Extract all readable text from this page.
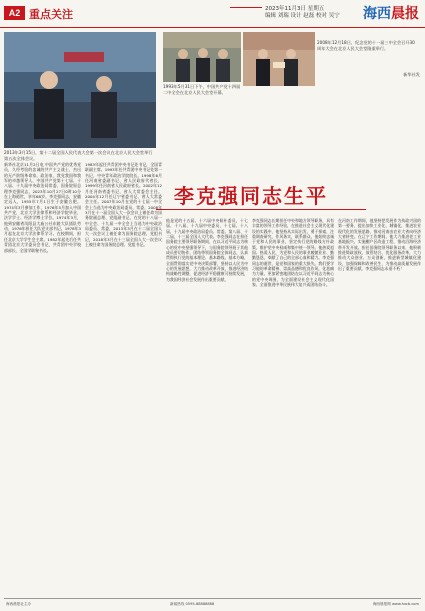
A2 重点关注	2023年11月3日 星期五
编辑 刘瑞 设计 赵磊 校对 吴宁 海西晨报
1993年5月31日下午，中国共产党十四届二中全会在北京人民大会堂开幕。
2008年12月18日，纪念党的十一届三中全会召开30周年大会在北京人民大会堂隆重举行。
新华社发
2013年3月15日，第十二届全国人民代表大会第一次会议在北京人民大会堂举行第五次全体会议。
李克强同志生平
新华社北京11月2日电 中国共产党的优秀党员，久经考验的忠诚的共产主义战士，杰出的无产阶级革命家、政治家，我党我国和我军的卓越领导人，中国共产党第十七届、十八届、十九届中央政治局常委，国务院原总理李克强同志，2023年10月27日0时10分在上海逝世，享年68岁。李克强同志，安徽定远人，1955年7月1日生于安徽合肥。1974年3月参加工作，1976年5月加入中国共产党，北京大学法律系和经济学院毕业，法学学士、经济学博士学位。1974年3月，他到安徽省凤阳县大庙公社东陵大队插队劳动，1976年担任大队党支部书记。1978年3月起在北京大学法律系学习。在校期间，担任北京大学学生会主席。1982年起先后任共青团北京大学委员会书记，共青团中央学校部部长、全国学联秘书长。
1983年起任共青团中央书记处书记，全国青联副主席。1993年任共青团中央书记处第一书记，中央青年政治学院院长。1998年6月任河南省委副书记、省人民政府代省长，1999年任河南省人民政府省长。2002年12月任河南省委书记、省人大常委会主任。2004年12月任辽宁省委书记、省人大常委会主任。2007年10月在党的十七届一中全会上当选为中央政治局委员、常委，2008年3月在十一届全国人大一次会议上被任命为国务院副总理、党组副书记。在党的十八届一中全会、十九届一中全会上当选为中央政治局委员、常委，2013年3月在十二届全国人大一次会议上被任命为国务院总理、党组书记，2018年3月在十三届全国人大一次会议上被任命为国务院总理、党组书记。
他是党的十五届、十六届中央候补委员，十七届、十八届、十九届中央委员，十七届、十八届、十九届中央政治局委员、常委。第八届、十二届、十三届全国人大代表。李克强同志在担任国务院主要领导职务期间，在以习近平同志为核心的党中央坚强领导下，与国务院领导班子其他成员密切协作，团结带领国务院全体同志，认真贯彻执行党的基本理论、基本路线、基本方略，全面贯彻落实党中央决策部署，坚持以人民为中心的发展思想，大力推动改革开放，推进经济结构战略性调整，促进经济平稳健康可持续发展，为我国经济社会发展作出重要贡献。
李克强同志长期担任中央和地方领导职务，具有丰富的领导工作经验，在推进社会主义现代化建设的实践中，他坚持从实际出发，勇于探索，注重调查研究，作风务实，联系群众。他始终忠诚于党和人民的事业，坚定执行党的路线方针政策，维护党中央权威和集中统一领导。他热爱祖国、热爱人民，为党和人民的事业兢兢业业、勤勤恳恳，奉献了自己的全部心血和精力。李克强同志的逝世，是党和国家的重大损失。我们要学习他的革命精神、崇高品德和优良作风，化悲痛为力量，更加紧密地团结在以习近平同志为核心的党中央周围，为全面建设社会主义现代化国家、全面推进中华民族伟大复兴而团结奋斗。
在河南工作期间，他坚持把发展作为执政兴国的第一要务，提出加快工业化、城镇化，推进农业现代化的发展思路，推动河南由农业大省向经济大省转变。在辽宁工作期间，他大力推进老工业基地振兴，实施棚户区改造工程，推动沿海经济带开发开放。担任国务院领导职务以来，他积极推进简政放权、放管结合、优化服务改革，大力推动大众创业、万众创新，推进新型城镇化建设，加强保障和改善民生，为推动高质量发展作出了重要贡献。李克强同志永垂不朽！
海西晨报社主办	新闻热线 0595-88888888	海西晨报网 www.hxcb.com
